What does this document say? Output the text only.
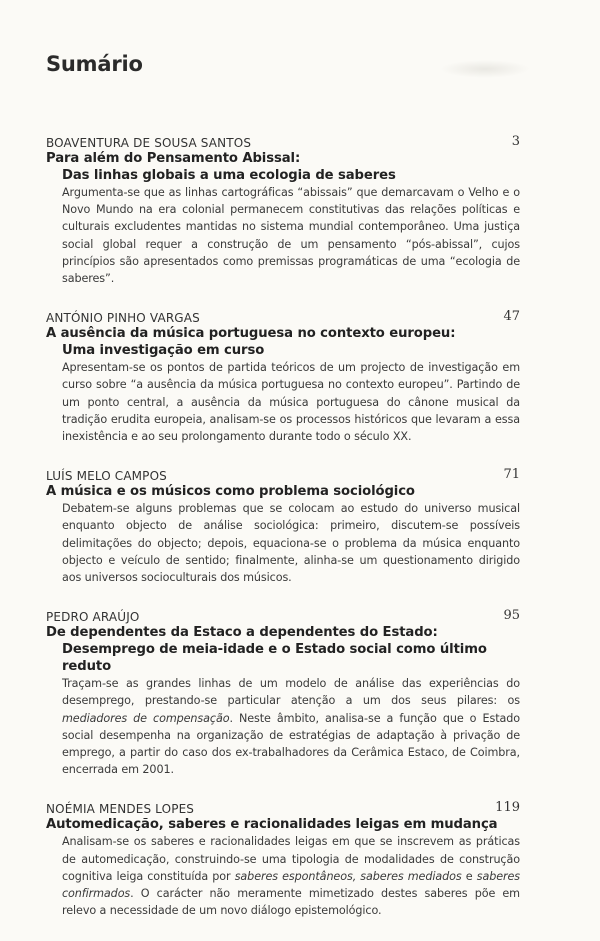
Sumário
BOAVENTURA DE SOUSA SANTOS	3
Para além do Pensamento Abissal:
Das linhas globais a uma ecologia de saberes

Argumenta-se que as linhas cartográficas “abissais” que demarcavam o Velho e o Novo Mundo na era colonial permanecem constitutivas das relações políticas e culturais excludentes mantidas no sistema mundial contemporâneo. Uma justiça social global requer a construção de um pensamento “pós-abissal”, cujos princípios são apresentados como premissas programáticas de uma “ecologia de saberes”.

ANTÓNIO PINHO VARGAS	47
A ausência da música portuguesa no contexto europeu:
Uma investigação em curso

Apresentam-se os pontos de partida teóricos de um projecto de investigação em curso sobre “a ausência da música portuguesa no contexto europeu”. Partindo de um ponto central, a ausência da música portuguesa do cânone musical da tradição erudita europeia, analisam-se os processos históricos que levaram a essa inexistência e ao seu prolongamento durante todo o século XX.

LUÍS MELO CAMPOS	71
A música e os músicos como problema sociológico

Debatem-se alguns problemas que se colocam ao estudo do universo musical enquanto objecto de análise sociológica: primeiro, discutem-se possíveis delimitações do objecto; depois, equaciona-se o problema da música enquanto objecto e veículo de sentido; finalmente, alinha-se um questionamento dirigido aos universos socioculturais dos músicos.

PEDRO ARAÚJO	95
De dependentes da Estaco a dependentes do Estado:
Desemprego de meia-idade e o Estado social como último reduto

Traçam-se as grandes linhas de um modelo de análise das experiências do desemprego, prestando-se particular atenção a um dos seus pilares: os mediadores de compensação. Neste âmbito, analisa-se a função que o Estado social desempenha na organização de estratégias de adaptação à privação de emprego, a partir do caso dos ex-trabalhadores da Cerâmica Estaco, de Coimbra, encerrada em 2001.

NOÉMIA MENDES LOPES	119
Automedicação, saberes e racionalidades leigas em mudança

Analisam-se os saberes e racionalidades leigas em que se inscrevem as práticas de automedicação, construindo-se uma tipologia de modalidades de construção cognitiva leiga constituída por saberes espontâneos, saberes mediados e saberes confirmados. O carácter não meramente mimetizado destes saberes põe em relevo a necessidade de um novo diálogo epistemológico.
